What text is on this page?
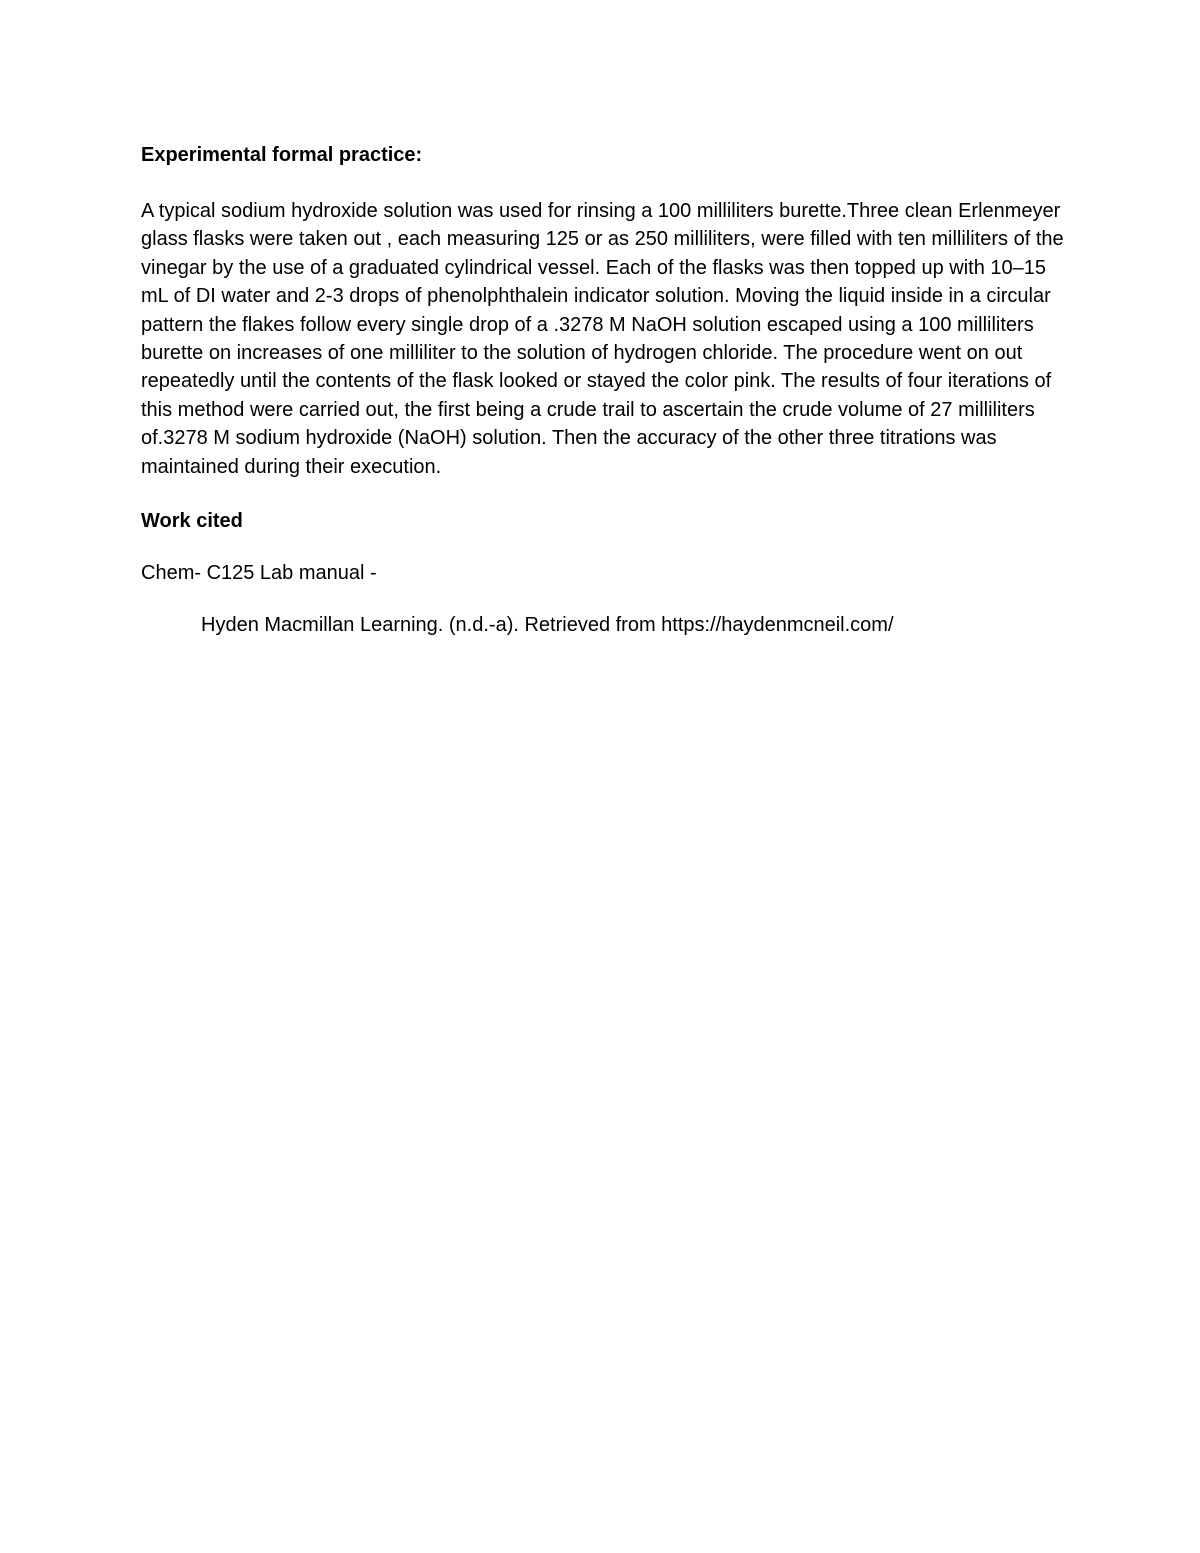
Experimental formal practice:

A typical sodium hydroxide solution was used for rinsing a 100 milliliters burette.Three clean Erlenmeyer glass flasks were taken out , each measuring 125 or as 250 milliliters, were filled with ten milliliters of the vinegar by the use of a graduated cylindrical vessel. Each of the flasks was then topped up with 10–15 mL of DI water and 2-3 drops of phenolphthalein indicator solution. Moving the liquid inside in a circular pattern the flakes follow every single drop of a .3278 M NaOH solution escaped using a 100 milliliters burette on increases of one milliliter to the solution of hydrogen chloride. The procedure went on out repeatedly until the contents of the flask looked or stayed the color pink. The results of four iterations of this method were carried out, the first being a crude trail to ascertain the crude volume of 27 milliliters of.3278 M sodium hydroxide (NaOH) solution. Then the accuracy of the other three titrations was maintained during their execution.

Work cited

Chem- C125 Lab manual -

Hyden Macmillan Learning. (n.d.-a). Retrieved from https://haydenmcneil.com/
